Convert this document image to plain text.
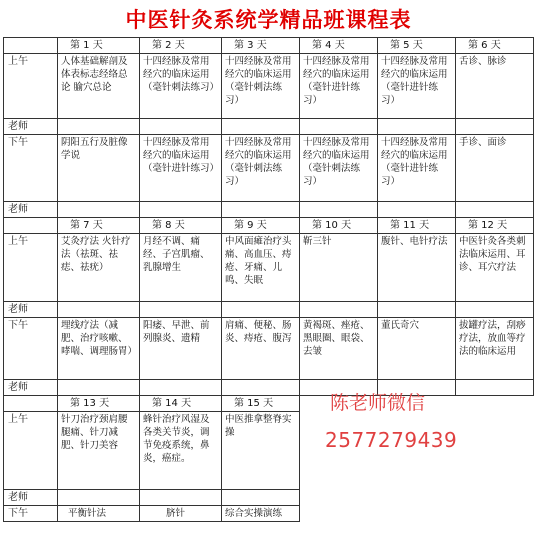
中医针灸系统学精品班课程表
	第 1 天	第 2 天	第 3 天	第 4 天	第 5 天	第 6 天
上午	人体基础解剖及体表标志经络总论 腧穴总论	十四经脉及常用经穴的临床运用（毫针刺法练习）	十四经脉及常用经穴的临床运用（毫针刺法练习）	十四经脉及常用经穴的临床运用（毫针进针练习）	十四经脉及常用经穴的临床运用（毫针进针练习）	舌诊、脉诊
老师						
下午	阴阳五行及脏像学说	十四经脉及常用经穴的临床运用（毫针进针练习）	十四经脉及常用经穴的临床运用（毫针刺法练习）	十四经脉及常用经穴的临床运用（毫针刺法练习）	十四经脉及常用经穴的临床运用（毫针进针练习）	手诊、面诊
老师						
	第 7 天	第 8 天	第 9 天	第 10 天	第 11 天	第 12 天
上午	艾灸疗法 火针疗法（祛斑、祛痣、祛疣）	月经不调、痛经、子宫肌瘤、乳腺增生	中风面瘫治疗头痛、高血压、痔疮、牙痛、儿鸣、失眠	靳三针	腹针、电针疗法	中医针灸各类刺法临床运用、耳诊、耳穴疗法
老师						
下午	埋线疗法（减肥、治疗咳嗽、哮喘、调理肠胃）	阳痿、早泄、前列腺炎、遗精	肩痛、便秘、肠炎、痔疮、腹泻	黄褐斑、痤疮、黑眼圈、眼袋、去皱	董氏奇穴	拔罐疗法，刮痧疗法，放血等疗法的临床运用
老师						
	第 13 天	第 14 天	第 15 天			
上午	针刀治疗颈肩腰腿痛、针刀减肥、针刀美容	蜂针治疗风湿及各类关节炎，调节免疫系统，鼻炎，癌症。	中医推拿整脊实操			
老师						
下午	平衡针法	脐针	综合实操演练			
陈老师微信
2577279439
